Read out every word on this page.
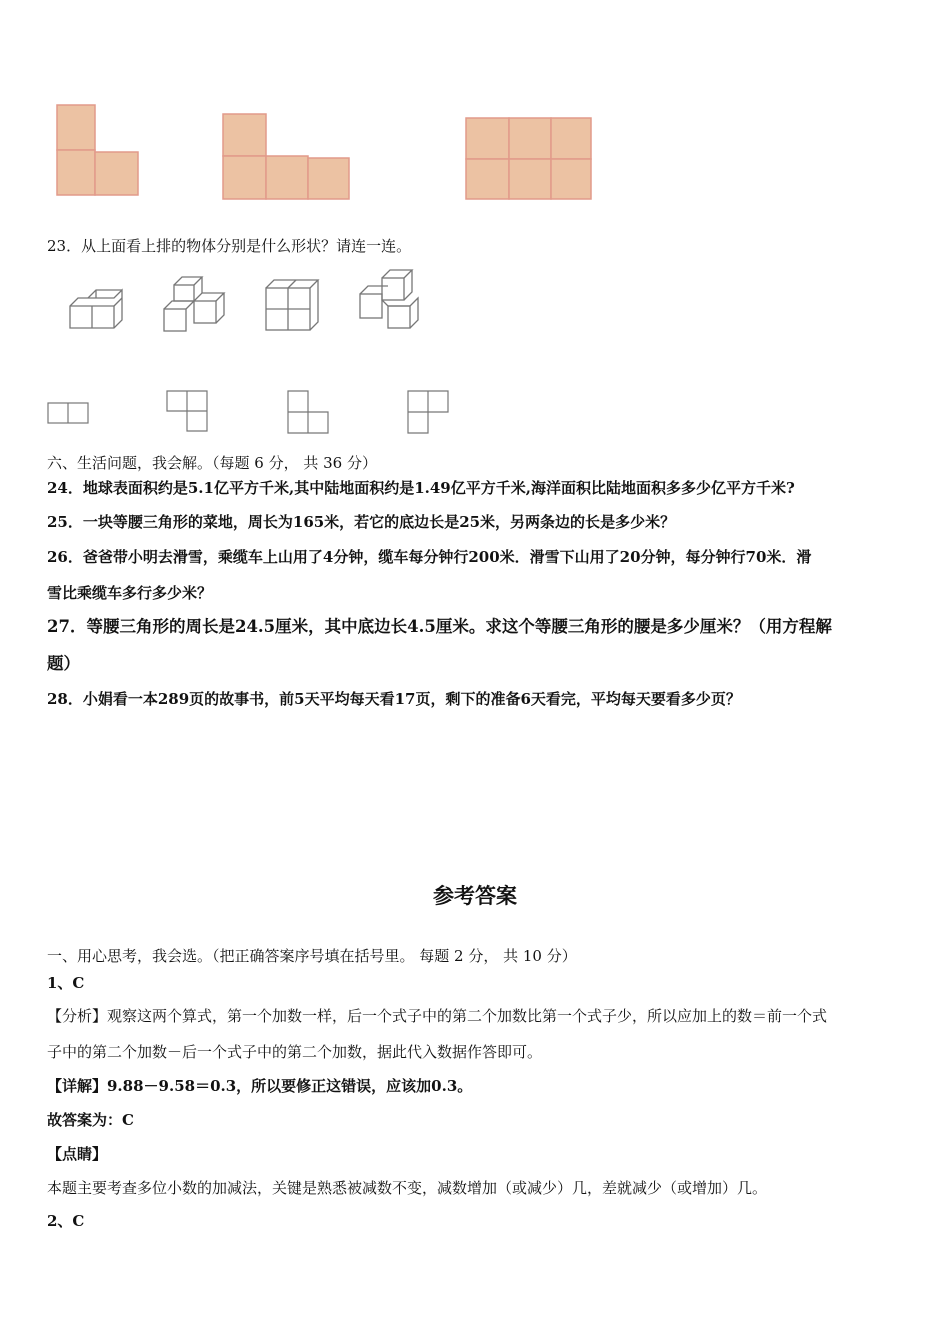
23．从上面看上排的物体分别是什么形状？请连一连。
六、生活问题，我会解。（每题 6 分， 共 36 分）
24．地球表面积约是5.1亿平方千米,其中陆地面积约是1.49亿平方千米,海洋面积比陆地面积多多少亿平方千米?
25．一块等腰三角形的菜地，周长为165米，若它的底边长是25米，另两条边的长是多少米？
26．爸爸带小明去滑雪，乘缆车上山用了4分钟，缆车每分钟行200米．滑雪下山用了20分钟，每分钟行70米．滑
雪比乘缆车多行多少米？
27．等腰三角形的周长是24.5厘米，其中底边长4.5厘米。求这个等腰三角形的腰是多少厘米？（用方程解
题）
28．小娟看一本289页的故事书，前5天平均每天看17页，剩下的准备6天看完，平均每天要看多少页？
参考答案
一、用心思考，我会选。（把正确答案序号填在括号里。 每题 2 分， 共 10 分）
1、C
【分析】观察这两个算式，第一个加数一样，后一个式子中的第二个加数比第一个式子少，所以应加上的数＝前一个式
子中的第二个加数－后一个式子中的第二个加数，据此代入数据作答即可。
【详解】9.88－9.58＝0.3，所以要修正这错误，应该加0.3。
故答案为：C
【点睛】
本题主要考查多位小数的加减法，关键是熟悉被减数不变，减数增加（或减少）几，差就减少（或增加）几。
2、C
